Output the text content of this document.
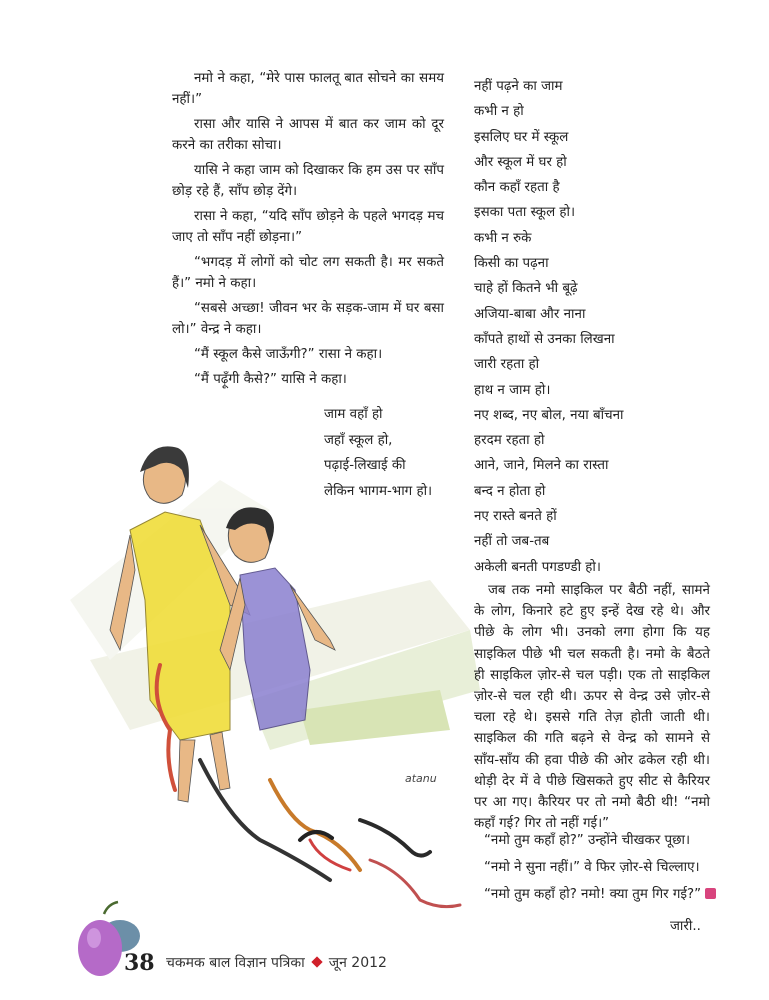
atanu

नमो ने कहा, “मेरे पास फालतू बात सोचने का समय नहीं।”

रासा और यासि ने आपस में बात कर जाम को दूर करने का तरीका सोचा।

यासि ने कहा जाम को दिखाकर कि हम उस पर साँप छोड़ रहे हैं, साँप छोड़ देंगे।

रासा ने कहा, “यदि साँप छोड़ने के पहले भगदड़ मच जाए तो साँप नहीं छोड़ना।”

“भगदड़ में लोगों को चोट लग सकती है। मर सकते हैं।” नमो ने कहा।

“सबसे अच्छा! जीवन भर के सड़क-जाम में घर बसा लो।” वेन्द्र ने कहा।

“मैं स्कूल कैसे जाऊँगी?” रासा ने कहा।

“मैं पढ़ूँगी कैसे?” यासि ने कहा।

जाम वहाँ हो
जहाँ स्कूल हो,
पढ़ाई-लिखाई की
लेकिन भागम-भाग हो।
नहीं पढ़ने का जाम
कभी न हो
इसलिए घर में स्कूल
और स्कूल में घर हो
कौन कहाँ रहता है
इसका पता स्कूल हो।
कभी न रुके
किसी का पढ़ना
चाहे हों कितने भी बूढ़े
अजिया-बाबा और नाना
काँपते हाथों से उनका लिखना
जारी रहता हो
हाथ न जाम हो।
नए शब्द, नए बोल, नया बाँचना
हरदम रहता हो
आने, जाने, मिलने का रास्ता
बन्द न होता हो
नए रास्ते बनते हों
नहीं तो जब-तब
अकेली बनती पगडण्डी हो।

जब तक नमो साइकिल पर बैठी नहीं, सामने के लोग, किनारे हटे हुए इन्हें देख रहे थे। और पीछे के लोग भी। उनको लगा होगा कि यह साइकिल पीछे भी चल सकती है। नमो के बैठते ही साइकिल ज़ोर-से चल पड़ी। एक तो साइकिल ज़ोर-से चल रही थी। ऊपर से वेन्द्र उसे ज़ोर-से चला रहे थे। इससे गति तेज़ होती जाती थी। साइकिल की गति बढ़ने से वेन्द्र को सामने से साँय-साँय की हवा पीछे की ओर ढकेल रही थी। थोड़ी देर में वे पीछे खिसकते हुए सीट से कैरियर पर आ गए। कैरियर पर तो नमो बैठी थी! “नमो कहाँ गई? गिर तो नहीं गई।”

“नमो तुम कहाँ हो?” उन्होंने चीखकर पूछा।
“नमो ने सुना नहीं।” वे फिर ज़ोर-से चिल्लाए।
“नमो तुम कहाँ हो? नमो! क्या तुम गिर गई?”
जारी..
38 चकमक बाल विज्ञान पत्रिका जून 2012
